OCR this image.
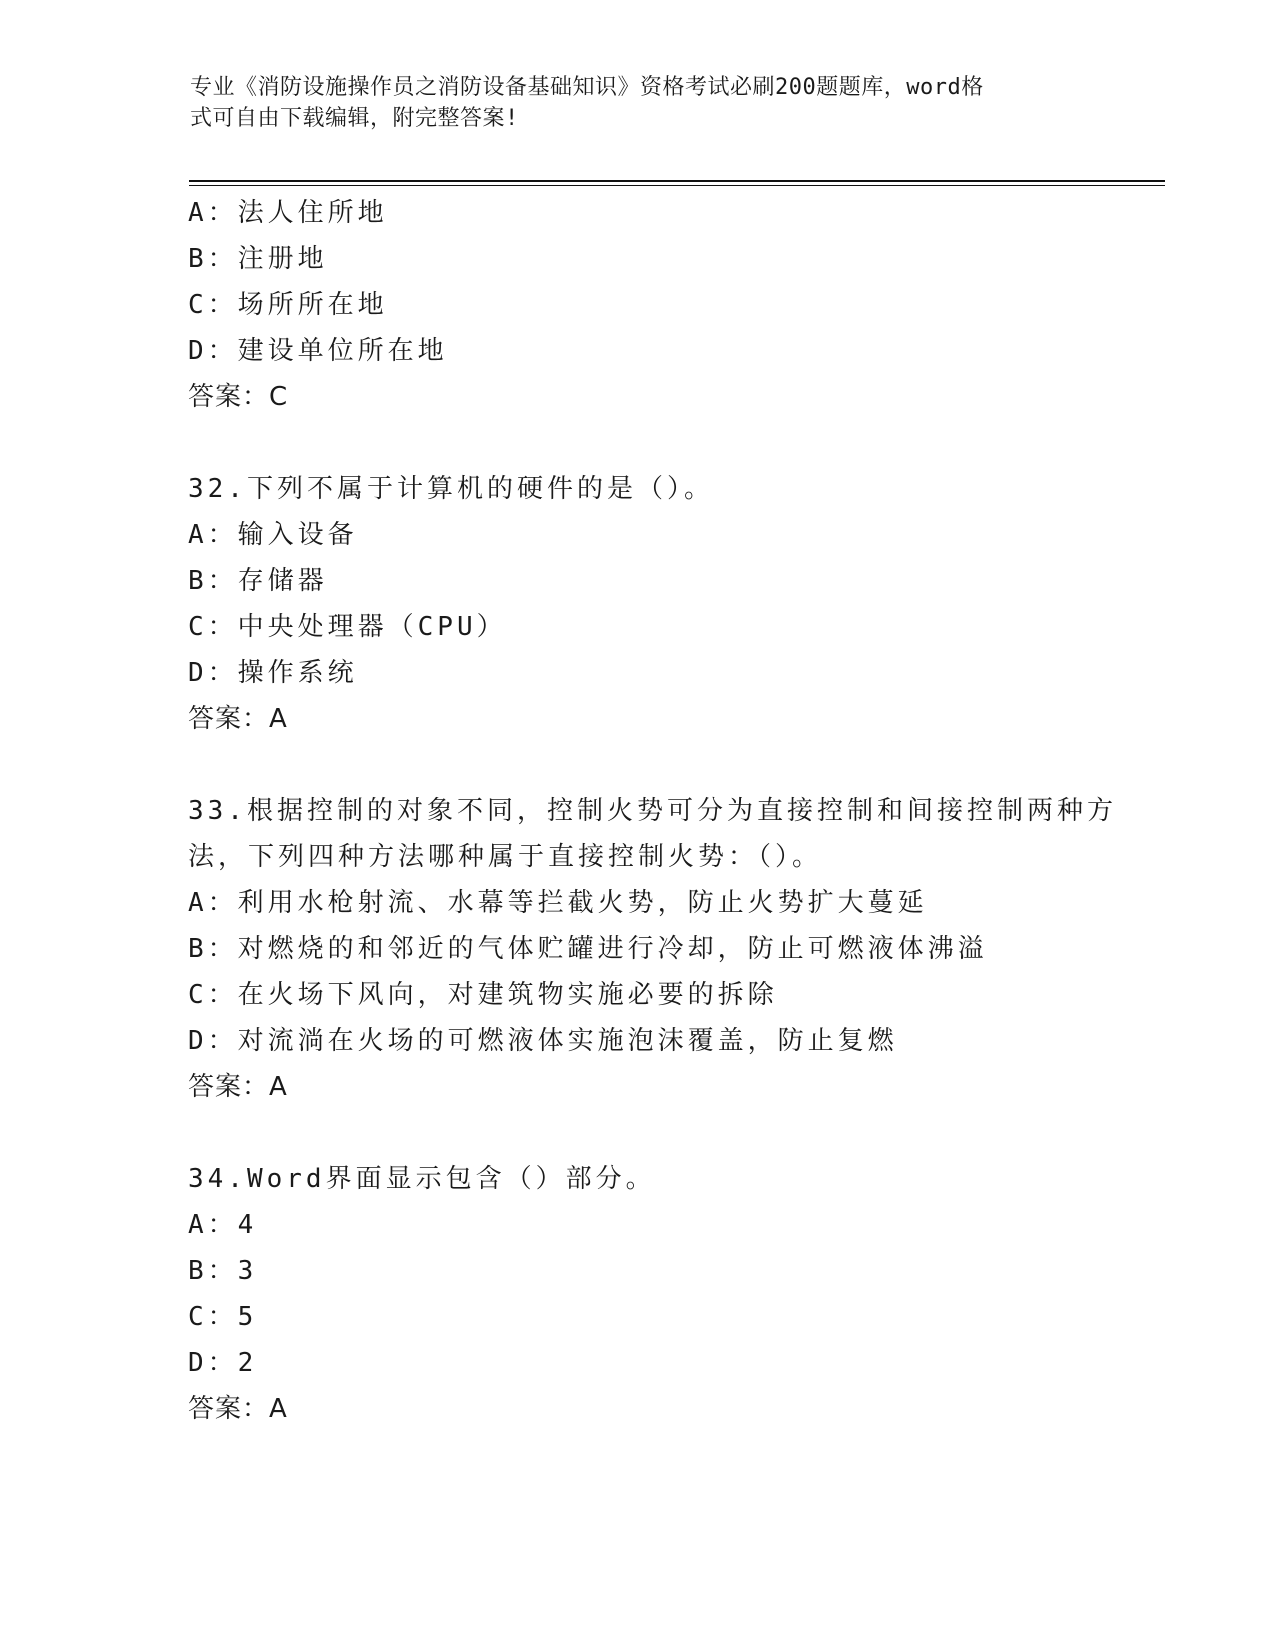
专业《消防设施操作员之消防设备基础知识》资格考试必刷200题题库，word格
式可自由下载编辑，附完整答案!
A：法人住所地
B：注册地
C：场所所在地
D：建设单位所在地
答案：C
32.下列不属于计算机的硬件的是（）。
A：输入设备
B：存储器
C：中央处理器（CPU）
D：操作系统
答案：A
33.根据控制的对象不同，控制火势可分为直接控制和间接控制两种方
法，下列四种方法哪种属于直接控制火势：（）。
A：利用水枪射流、水幕等拦截火势，防止火势扩大蔓延
B：对燃烧的和邻近的气体贮罐进行冷却，防止可燃液体沸溢
C：在火场下风向，对建筑物实施必要的拆除
D：对流淌在火场的可燃液体实施泡沫覆盖，防止复燃
答案：A
34.Word界面显示包含（）部分。
A：4
B：3
C：5
D：2
答案：A
